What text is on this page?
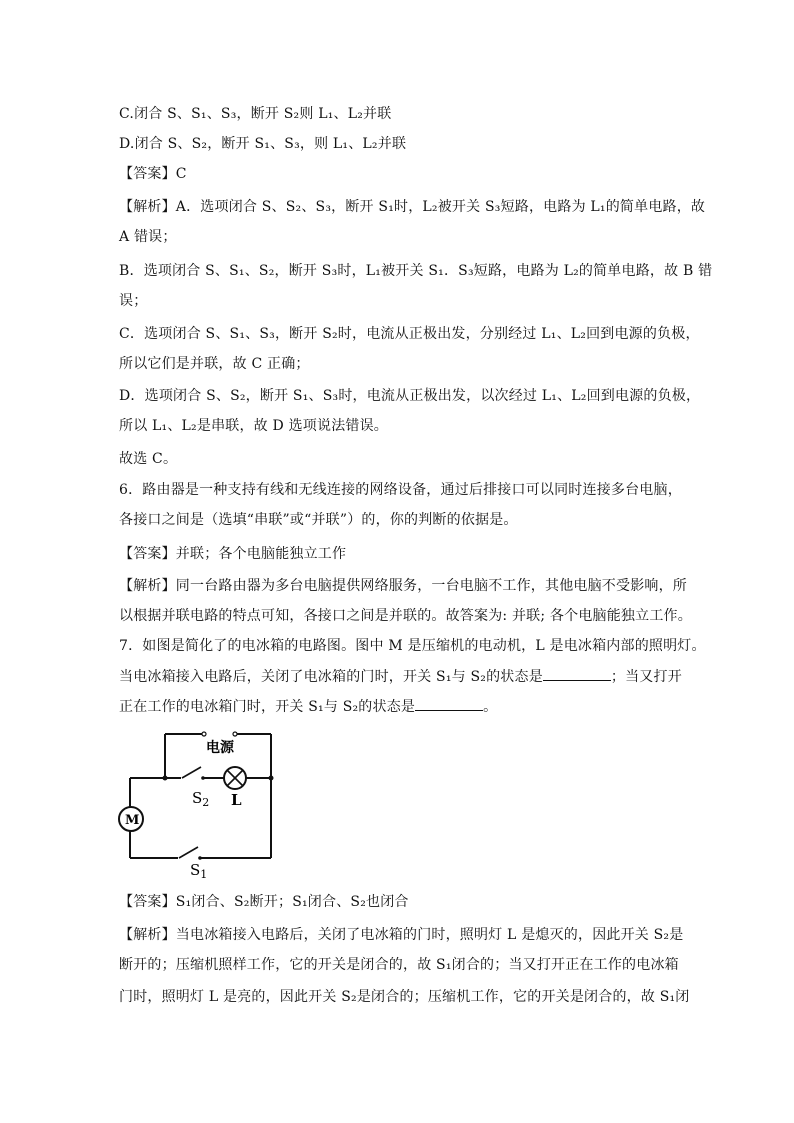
C.闭合 S、S₁、S₃，断开 S₂则 L₁、L₂并联
D.闭合 S、S₂，断开 S₁、S₃，则 L₁、L₂并联
【答案】C
【解析】A．选项闭合 S、S₂、S₃，断开 S₁时，L₂被开关 S₃短路，电路为 L₁的简单电路，故
A 错误；
B．选项闭合 S、S₁、S₂，断开 S₃时，L₁被开关 S₁．S₃短路，电路为 L₂的简单电路，故 B 错
误；
C．选项闭合 S、S₁、S₃，断开 S₂时，电流从正极出发，分别经过 L₁、L₂回到电源的负极，
所以它们是并联，故 C 正确；
D．选项闭合 S、S₂，断开 S₁、S₃时，电流从正极出发，以次经过 L₁、L₂回到电源的负极，
所以 L₁、L₂是串联，故 D 选项说法错误。
故选 C。
6．路由器是一种支持有线和无线连接的网络设备，通过后排接口可以同时连接多台电脑，
各接口之间是（选填“串联”或“并联”）的，你的判断的依据是。
【答案】并联；各个电脑能独立工作
【解析】同一台路由器为多台电脑提供网络服务，一台电脑不工作，其他电脑不受影响，所
以根据并联电路的特点可知，各接口之间是并联的。故答案为: 并联; 各个电脑能独立工作。
7．如图是简化了的电冰箱的电路图。图中 M 是压缩机的电动机，L 是电冰箱内部的照明灯。
当电冰箱接入电路后，关闭了电冰箱的门时，开关 S₁与 S₂的状态是	；当又打开
正在工作的电冰箱门时，开关 S₁与 S₂的状态是	。
电源
$S_2$ L
M
$S_1$
【答案】S₁闭合、S₂断开；S₁闭合、S₂也闭合
【解析】当电冰箱接入电路后，关闭了电冰箱的门时，照明灯 L 是熄灭的，因此开关 S₂是
断开的；压缩机照样工作，它的开关是闭合的，故 S₁闭合的；当又打开正在工作的电冰箱
门时，照明灯 L 是亮的，因此开关 S₂是闭合的；压缩机工作，它的开关是闭合的，故 S₁闭
